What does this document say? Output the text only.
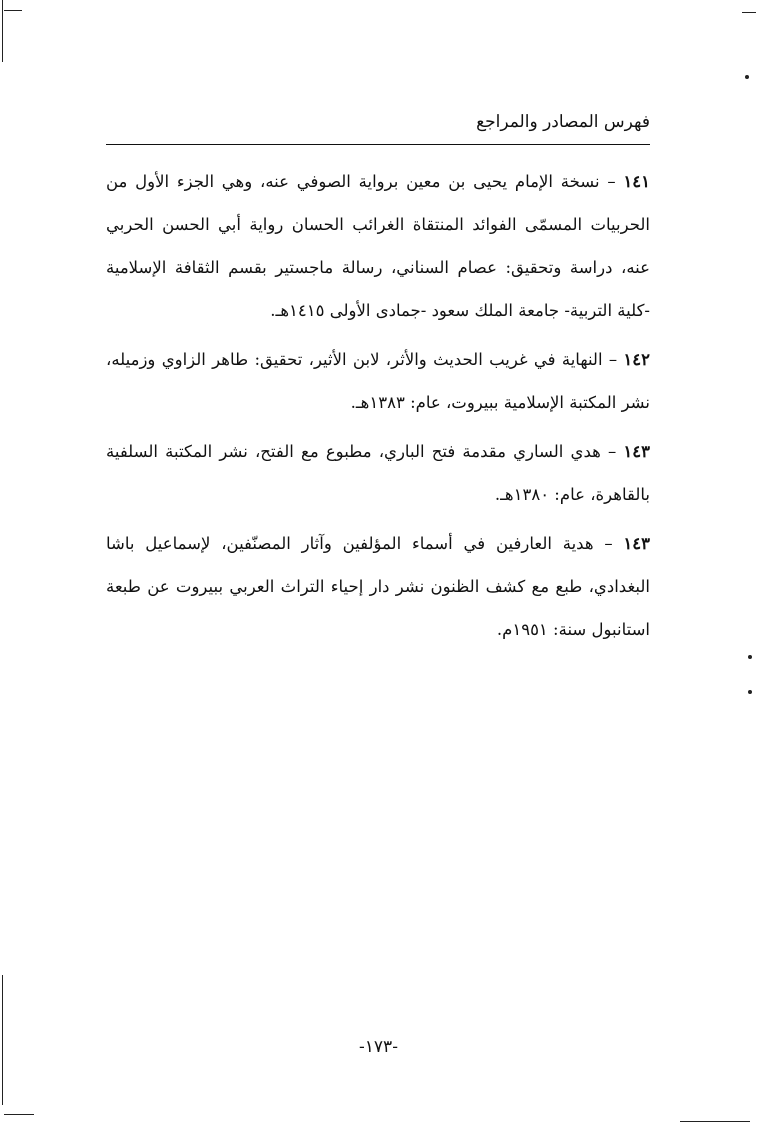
فهرس المصادر والمراجع

١٤١ – نسخة الإمام يحيى بن معين برواية الصوفي عنه، وهي الجزء الأول من الحربيات المسمّى الفوائد المنتقاة الغرائب الحسان رواية أبي الحسن الحربي عنه، دراسة وتحقيق: عصام السناني، رسالة ماجستير بقسم الثقافة الإسلامية -كلية التربية- جامعة الملك سعود -جمادى الأولى ١٤١٥هـ.

١٤٢ – النهاية في غريب الحديث والأثر، لابن الأثير، تحقيق: طاهر الزاوي وزميله، نشر المكتبة الإسلامية ببيروت، عام: ١٣٨٣هـ.

١٤٣ – هدي الساري مقدمة فتح الباري، مطبوع مع الفتح، نشر المكتبة السلفية بالقاهرة، عام: ١٣٨٠هـ.

١٤٣ – هدية العارفين في أسماء المؤلفين وآثار المصنّفين، لإسماعيل باشا البغدادي، طبع مع كشف الظنون نشر دار إحياء التراث العربي ببيروت عن طبعة استانبول سنة: ١٩٥١م.

-١٧٣-
